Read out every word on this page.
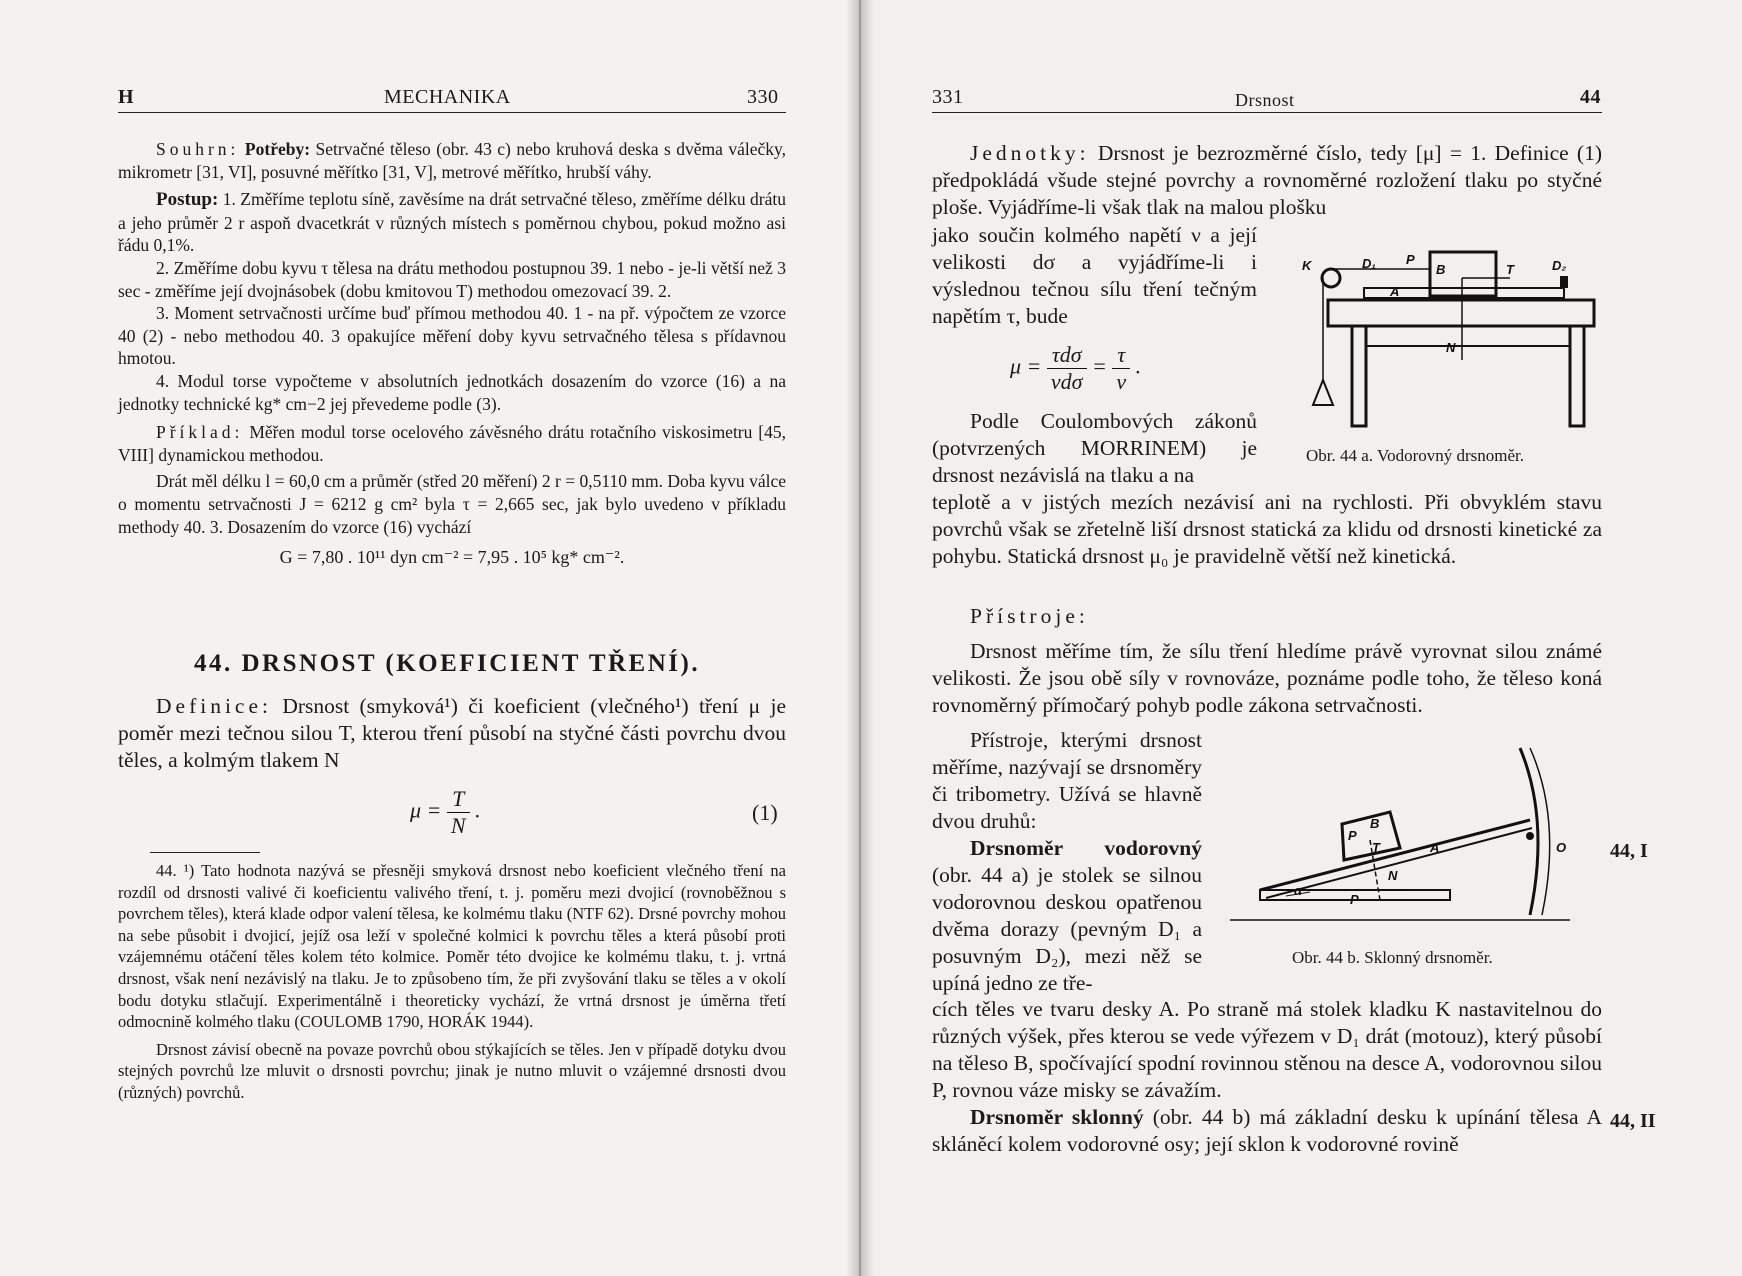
H	MECHANIKA	330

Souhrn: Potřeby: Setrvačné těleso (obr. 43 c) nebo kruhová deska s dvěma válečky, mikrometr [31, VI], posuvné měřítko [31, V], metrové měřítko, hrubší váhy.

Postup: 1. Změříme teplotu síně, zavěsíme na drát setrvačné těleso, změříme délku drátu a jeho průměr 2 r aspoň dvacetkrát v různých místech s poměrnou chybou, pokud možno asi řádu 0,1%.

2. Změříme dobu kyvu τ tělesa na drátu methodou postupnou 39. 1 nebo - je-li větší než 3 sec - změříme její dvojnásobek (dobu kmitovou T) methodou omezovací 39. 2.

3. Moment setrvačnosti určíme buď přímou methodou 40. 1 - na př. výpočtem ze vzorce 40 (2) - nebo methodou 40. 3 opakujíce měření doby kyvu setrvačného tělesa s přídavnou hmotou.

4. Modul torse vypočteme v absolutních jednotkách dosazením do vzorce (16) a na jednotky technické kg* cm−2 jej převedeme podle (3).

Příklad: Měřen modul torse ocelového závěsného drátu rotačního viskosimetru [45, VIII] dynamickou methodou.

Drát měl délku l = 60,0 cm a průměr (střed 20 měření) 2 r = 0,5110 mm. Doba kyvu válce o momentu setrvačnosti J = 6212 g cm² byla τ = 2,665 sec, jak bylo uvedeno v příkladu methody 40. 3. Dosazením do vzorce (16) vychází

G = 7,80 . 10¹¹ dyn cm⁻² = 7,95 . 10⁵ kg* cm⁻².

44. DRSNOST (KOEFICIENT TŘENÍ).

Definice: Drsnost (smyková¹) či koeficient (vlečného¹) tření μ je poměr mezi tečnou silou T, kterou tření působí na styčné části povrchu dvou těles, a kolmým tlakem N

$\mu = \frac{T}{N}$ .	(1)

44. ¹) Tato hodnota nazývá se přesněji smyková drsnost nebo koeficient vlečného tření na rozdíl od drsnosti valivé či koeficientu valivého tření, t. j. poměru mezi dvojicí (rovnoběžnou s povrchem těles), která klade odpor valení tělesa, ke kolmému tlaku (NTF 62). Drsné povrchy mohou na sebe působit i dvojicí, jejíž osa leží v společné kolmici k povrchu těles a která působí proti vzájemnému otáčení těles kolem této kolmice. Poměr této dvojice ke kolmému tlaku, t. j. vrtná drsnost, však není nezávislý na tlaku. Je to způsobeno tím, že při zvyšování tlaku se těles a v okolí bodu dotyku stlačují. Experimentálně i theoreticky vychází, že vrtná drsnost je úměrna třetí odmocnině kolmého tlaku (COULOMB 1790, HORÁK 1944).

Drsnost závisí obecně na povaze povrchů obou stýkajících se těles. Jen v případě dotyku dvou stejných povrchů lze mluvit o drsnosti povrchu; jinak je nutno mluvit o vzájemné drsnosti dvou (různých) povrchů.

331	Drsnost	44

Jednotky: Drsnost je bezrozměrné číslo, tedy [μ] = 1. Definice (1) předpokládá všude stejné povrchy a rovnoměrné rozložení tlaku po styčné ploše. Vyjádříme-li však tlak na malou plošku

jako součin kolmého napětí ν a její velikosti dσ a vyjádříme-li i výslednou tečnou sílu tření tečným napětím τ, bude

$\mu = \frac{\text{τdσ}}{\text{νdσ}} = \frac{\tau}{\nu}$ .

Podle Coulombových zákonů (potvrzených MORRINEM) je drsnost nezávislá na tlaku a na

teplotě a v jistých mezích nezávisí ani na rychlosti. Při obvyklém stavu povrchů však se zřetelně liší drsnost statická za klidu od drsnosti kinetické za pohybu. Statická drsnost μ₀ je pravidelně větší než kinetická.

K	D₁ P
B	T	D₂
A
N
Obr. 44 a. Vodorovný drsnoměr.

Přístroje:

Drsnost měříme tím, že sílu tření hledíme právě vyrovnat silou známé velikosti. Že jsou obě síly v rovnováze, poznáme podle toho, že těleso koná rovnoměrný přímočarý pohyb podle zákona setrvačnosti.

Přístroje, kterými drsnost měříme, nazývají se drsnoměry či tribometry. Užívá se hlavně dvou druhů:

Drsnoměr vodorovný (obr. 44 a) je stolek se silnou vodorovnou deskou opatřenou dvěma dorazy (pevným D₁ a posuvným D₂), mezi něž se upíná jedno ze tře-

P
B
T	A
N
P
α
O
Obr. 44 b. Sklonný drsnoměr.

cích těles ve tvaru desky A. Po straně má stolek kladku K nastavitelnou do různých výšek, přes kterou se vede výřezem v D₁ drát (motouz), který působí na těleso B, spočívající spodní rovinnou stěnou na desce A, vodorovnou silou P, rovnou váze misky se závažím.

Drsnoměr sklonný (obr. 44 b) má základní desku k upínání tělesa A skláněcí kolem vodorovné osy; její sklon k vodorovné rovině

44, I
44, II
